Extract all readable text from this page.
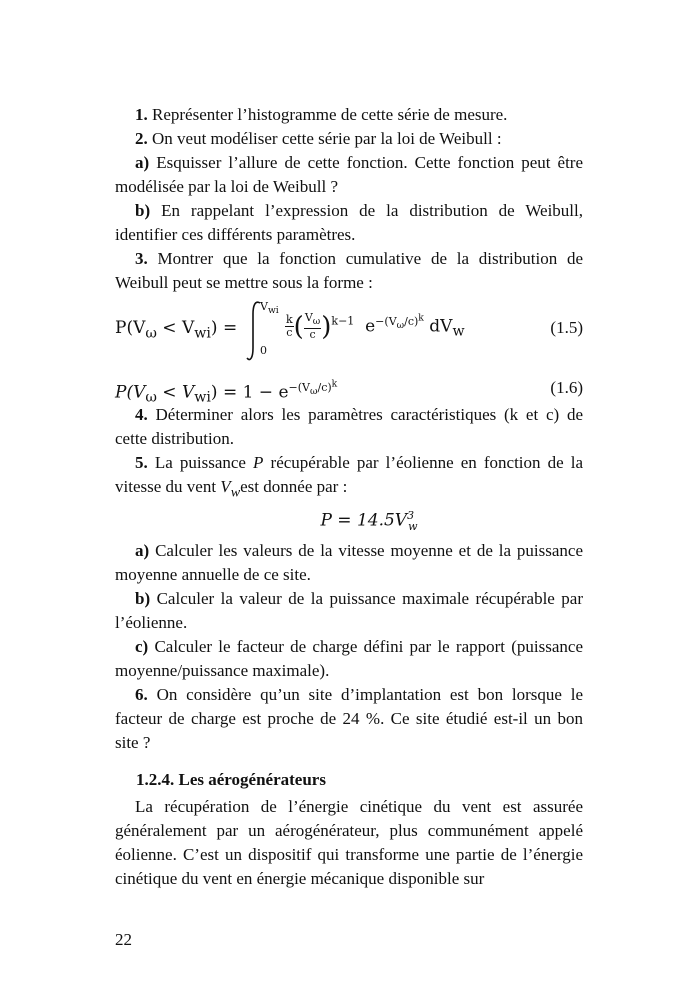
1. Représenter l’histogramme de cette série de mesure.

2. On veut modéliser cette série par la loi de Weibull :

a) Esquisser l’allure de cette fonction. Cette fonction peut être modélisée par la loi de Weibull ?

b) En rappelant l’expression de la distribution de Weibull, identifier ces différents paramètres.

3. Montrer que la fonction cumulative de la distribution de Weibull peut se mettre sous la forme :

$P(V_\omega < V_{wi})$ =
$V_{wi}$
0
$\frac{k}{c}$ ( $\frac{V_\omega}{c} )^{k-1}$ $e^{-(V_\omega/c)^k}$ $dV_w$	(1.5)
$P(V_\omega < V_{wi}) = 1 - e^{-(V_\omega/c)^k}$	(1.6)

4. Déterminer alors les paramètres caractéristiques (k et c) de cette distribution.

5. La puissance P récupérable par l’éolienne en fonction de la vitesse du vent $V_west$ donnée par :

$P = 14.5V^3_w$

a) Calculer les valeurs de la vitesse moyenne et de la puissance moyenne annuelle de ce site.

b) Calculer la valeur de la puissance maximale récupérable par l’éolienne.

c) Calculer le facteur de charge défini par le rapport (puissance moyenne/puissance maximale).

6. On considère qu’un site d’implantation est bon lorsque le facteur de charge est proche de 24 %. Ce site étudié est-il un bon site ?

1.2.4. Les aérogénérateurs

La récupération de l’énergie cinétique du vent est assurée généralement par un aérogénérateur, plus communément appelé éolienne. C’est un dispositif qui transforme une partie de l’énergie cinétique du vent en énergie mécanique disponible sur

22
